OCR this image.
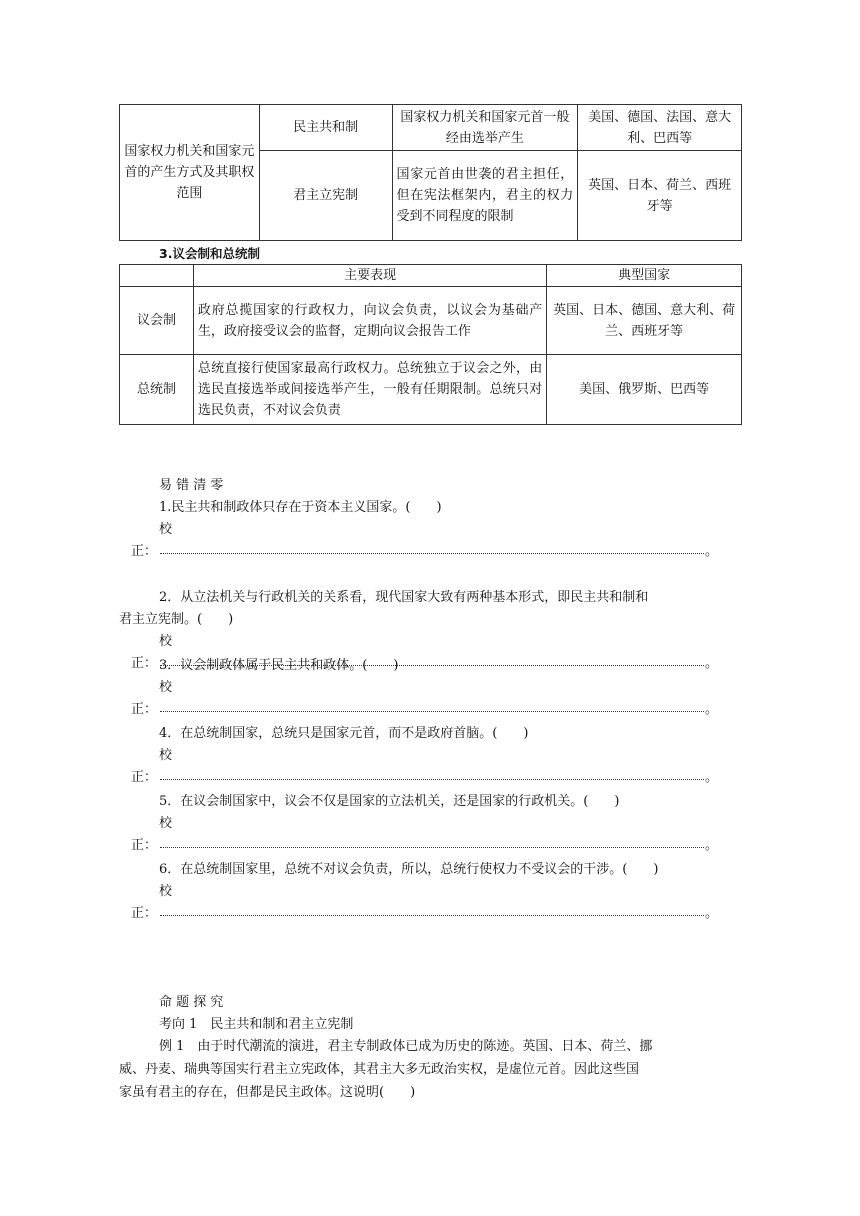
国家权力机关和国家元首的产生方式及其职权范围	民主共和制	国家权力机关和国家元首一般经由选举产生	美国、德国、法国、意大利、巴西等
	君主立宪制	国家元首由世袭的君主担任，但在宪法框架内，君主的权力受到不同程度的限制	英国、日本、荷兰、西班牙等
3.议会制和总统制
	主要表现	典型国家
议会制	政府总揽国家的行政权力，向议会负责，以议会为基础产生，政府接受议会的监督，定期向议会报告工作	英国、日本、德国、意大利、荷兰、西班牙等
总统制	总统直接行使国家最高行政权力。总统独立于议会之外，由选民直接选举或间接选举产生，一般有任期限制。总统只对选民负责，不对议会负责	美国、俄罗斯、巴西等
易 错 清 零
1.民主共和制政体只存在于资本主义国家。(　　)
校
正：	。
2．从立法机关与行政机关的关系看，现代国家大致有两种基本形式，即民主共和制和
君主立宪制。(　　)
校
正：	。
3．议会制政体属于民主共和政体。(　　)
校
正：	。
4．在总统制国家，总统只是国家元首，而不是政府首脑。(　　)
校
正：	。
5．在议会制国家中，议会不仅是国家的立法机关，还是国家的行政机关。(　　)
校
正：	。
6．在总统制国家里，总统不对议会负责，所以，总统行使权力不受议会的干涉。(　　)
校
正：	。
命 题 探 究
考向 1　民主共和制和君主立宪制
例 1　由于时代潮流的演进，君主专制政体已成为历史的陈迹。英国、日本、荷兰、挪
威、丹麦、瑞典等国实行君主立宪政体，其君主大多无政治实权，是虚位元首。因此这些国
家虽有君主的存在，但都是民主政体。这说明(　　)
